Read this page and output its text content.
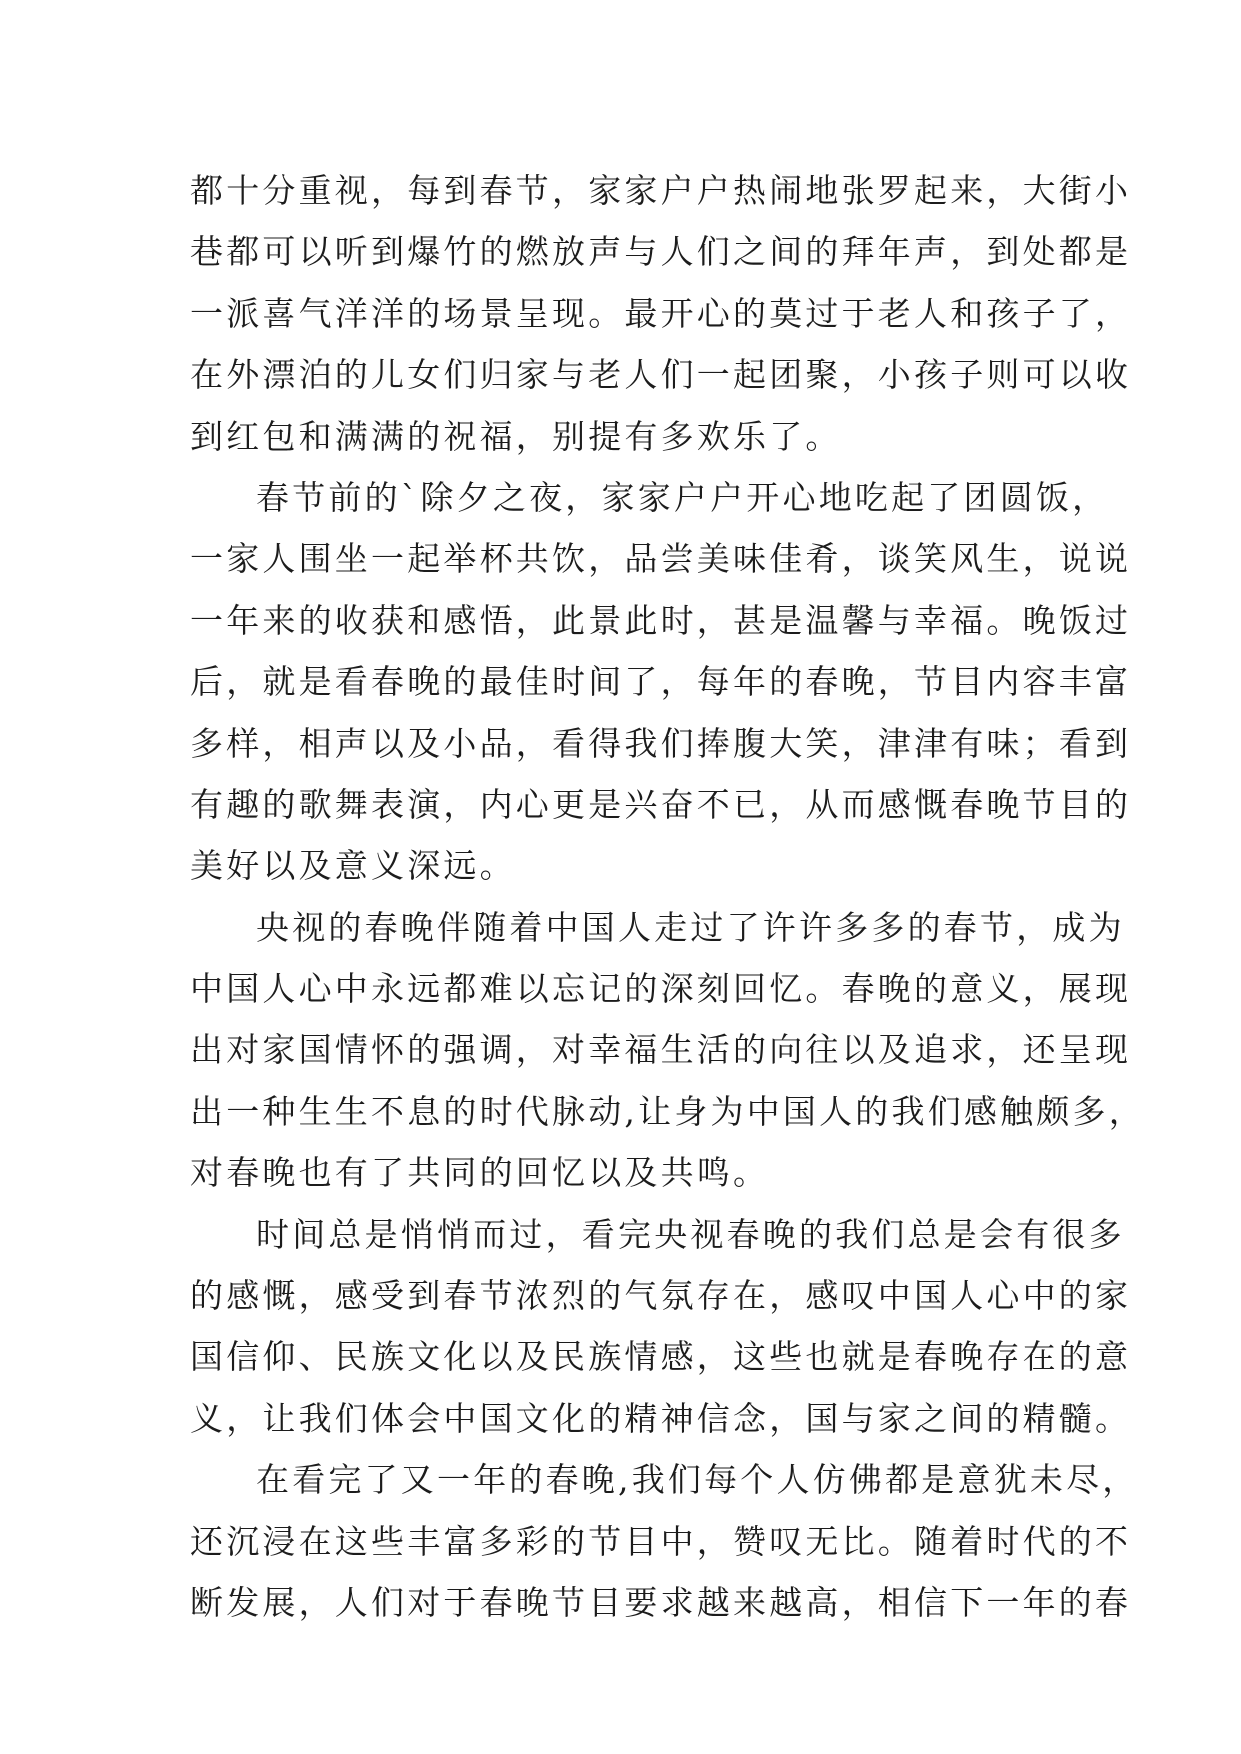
都十分重视，每到春节，家家户户热闹地张罗起来，大街小
巷都可以听到爆竹的燃放声与人们之间的拜年声，到处都是
一派喜气洋洋的场景呈现。最开心的莫过于老人和孩子了，
在外漂泊的儿女们归家与老人们一起团聚，小孩子则可以收
到红包和满满的祝福，别提有多欢乐了。
春节前的`除夕之夜，家家户户开心地吃起了团圆饭，
一家人围坐一起举杯共饮，品尝美味佳肴，谈笑风生，说说
一年来的收获和感悟，此景此时，甚是温馨与幸福。晚饭过
后，就是看春晚的最佳时间了，每年的春晚，节目内容丰富
多样，相声以及小品，看得我们捧腹大笑，津津有味；看到
有趣的歌舞表演，内心更是兴奋不已，从而感慨春晚节目的
美好以及意义深远。
央视的春晚伴随着中国人走过了许许多多的春节，成为
中国人心中永远都难以忘记的深刻回忆。春晚的意义，展现
出对家国情怀的强调，对幸福生活的向往以及追求，还呈现
出一种生生不息的时代脉动,让身为中国人的我们感触颇多，
对春晚也有了共同的回忆以及共鸣。
时间总是悄悄而过，看完央视春晚的我们总是会有很多
的感慨，感受到春节浓烈的气氛存在，感叹中国人心中的家
国信仰、民族文化以及民族情感，这些也就是春晚存在的意
义，让我们体会中国文化的精神信念，国与家之间的精髓。
在看完了又一年的春晚,我们每个人仿佛都是意犹未尽，
还沉浸在这些丰富多彩的节目中，赞叹无比。随着时代的不
断发展，人们对于春晚节目要求越来越高，相信下一年的春
